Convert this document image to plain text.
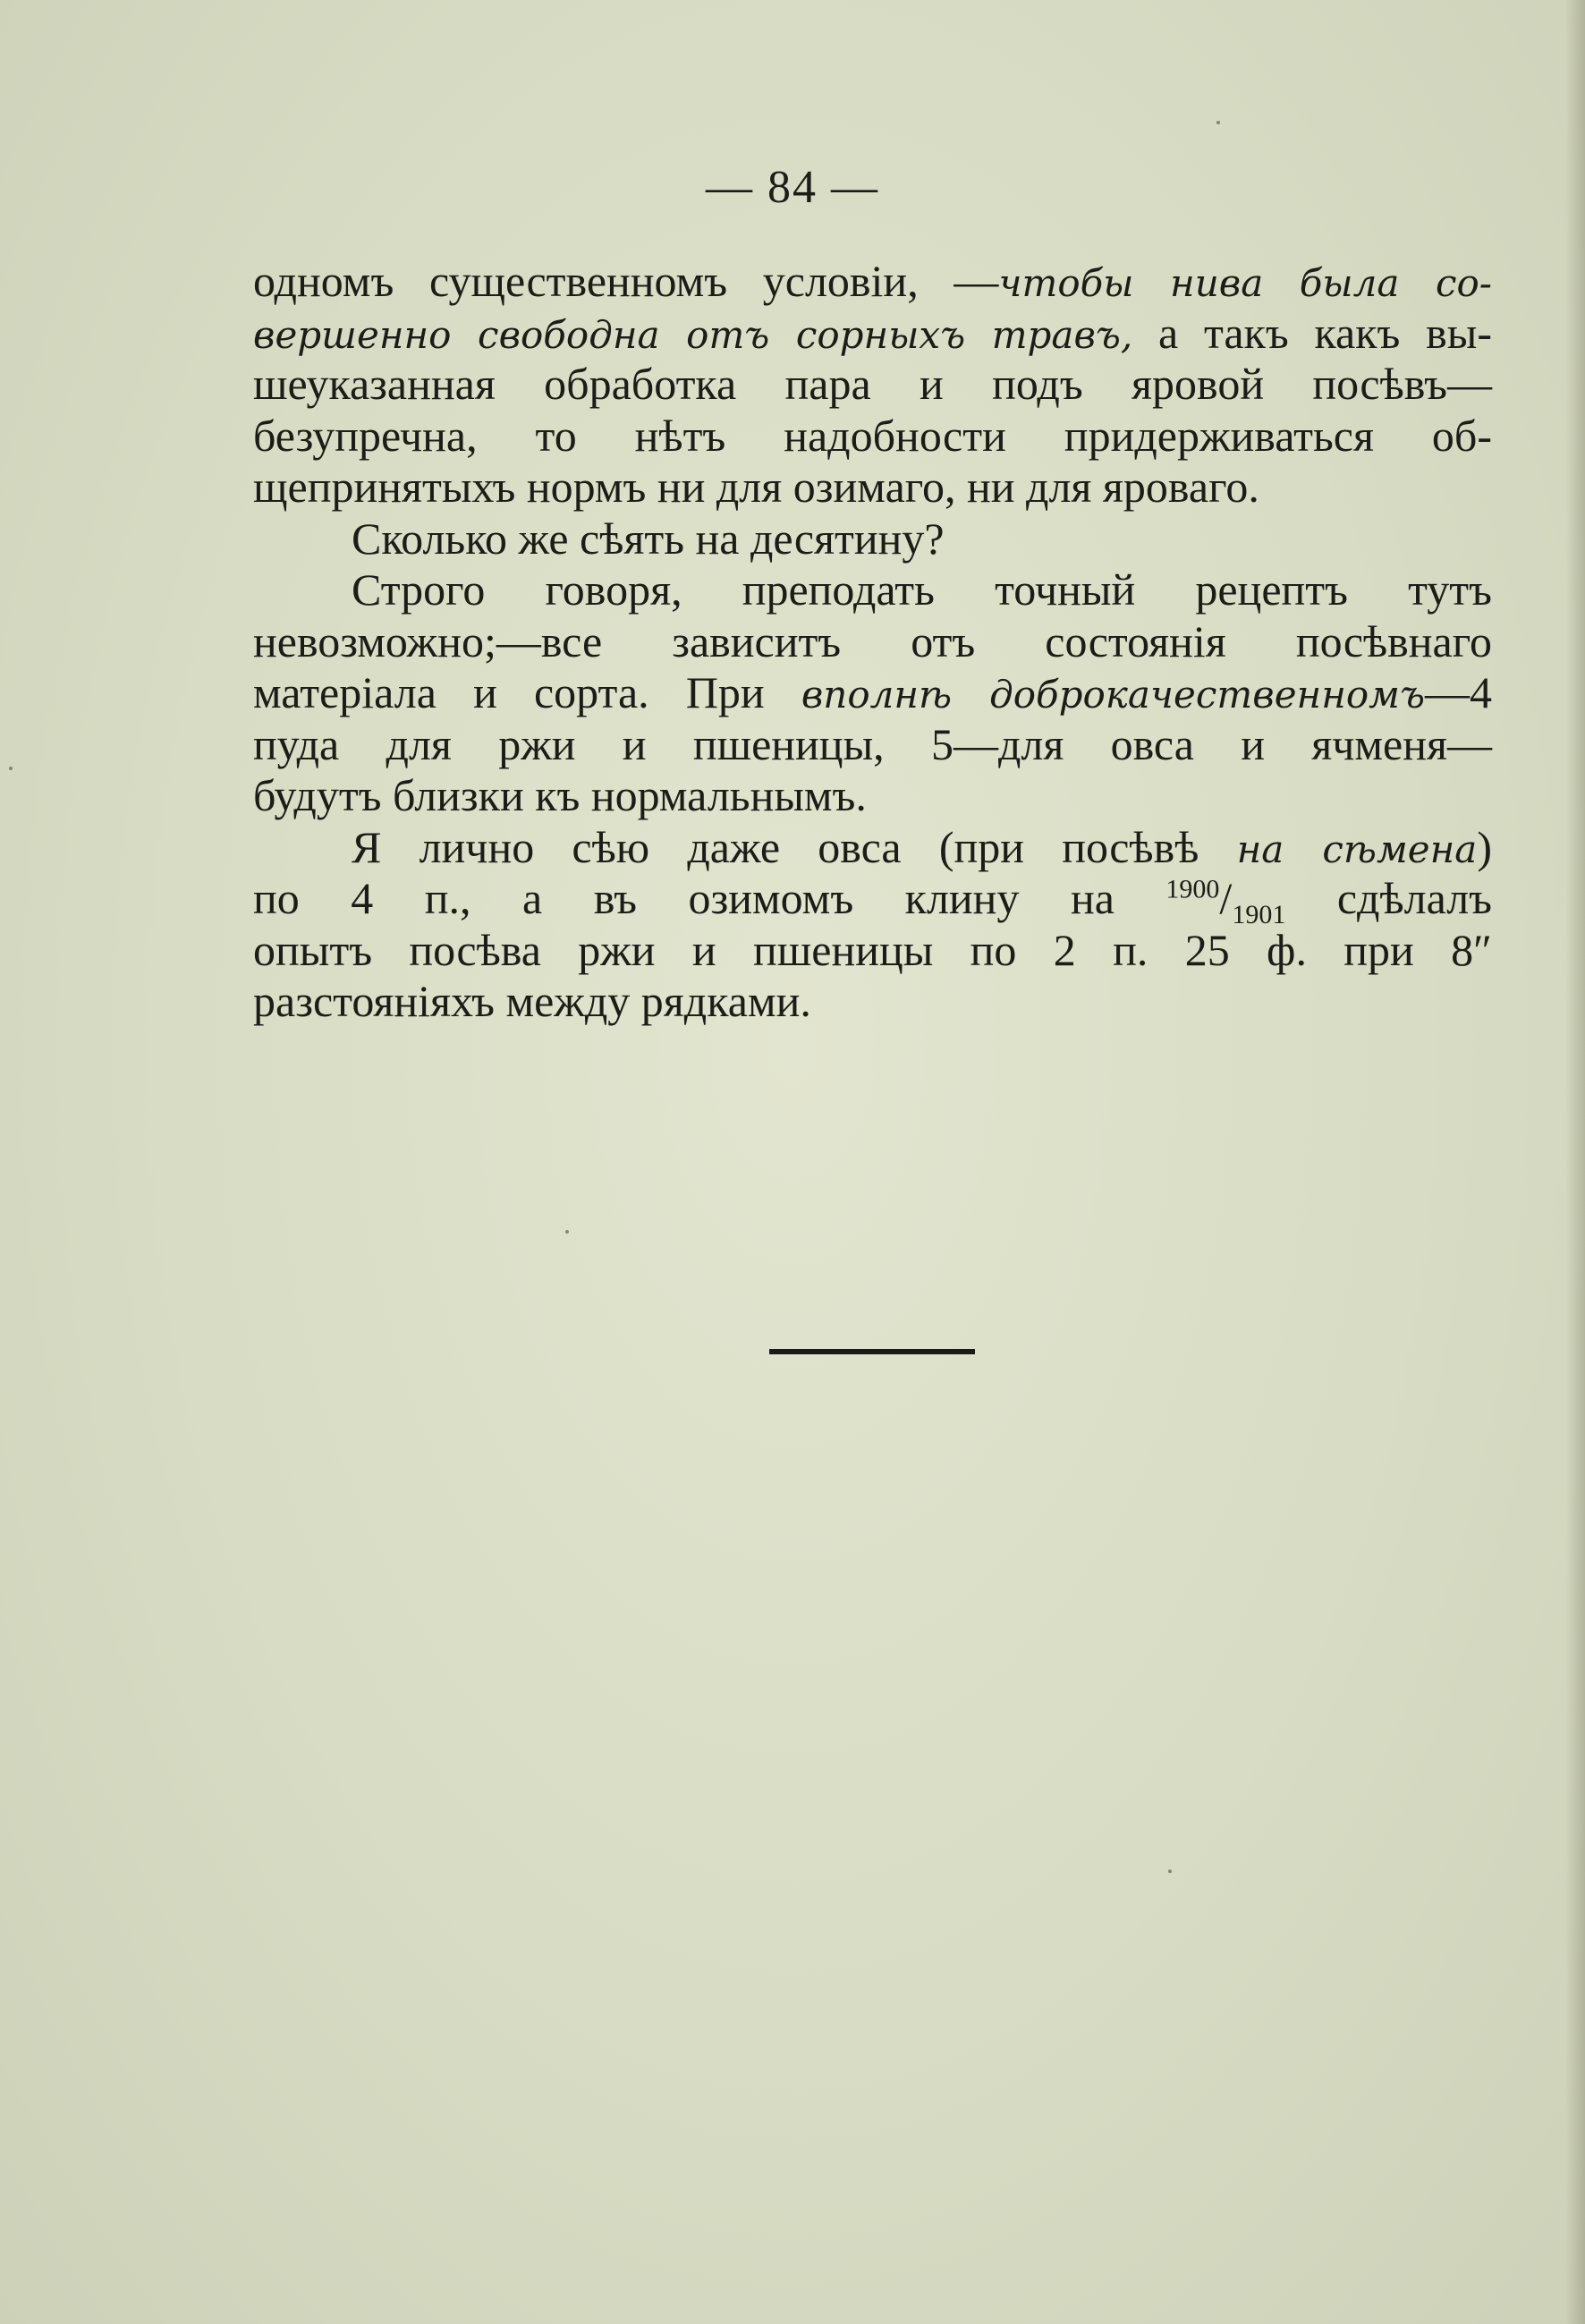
— 84 —
одномъ существенномъ условіи, —чтобы нива была со-
вершенно свободна отъ сорныхъ травъ, а такъ какъ вы-
шеуказанная обработка пара и подъ яровой посѣвъ—
безупречна, то нѣтъ надобности придерживаться об-
щепринятыхъ нормъ ни для озимаго, ни для яроваго.
Сколько же сѣять на десятину?
Строго говоря, преподать точный рецептъ тутъ
невозможно;—все зависитъ отъ состоянія посѣвнаго
матеріала и сорта. При вполнѣ доброкачественномъ—4
пуда для ржи и пшеницы, 5—для овса и ячменя—
будутъ близки къ нормальнымъ.
Я лично сѣю даже овса (при посѣвѣ на сѣмена)
по 4 п., а въ озимомъ клину на $^{1900}/_{1901}$ сдѣлалъ
опытъ посѣва ржи и пшеницы по 2 п. 25 ф. при 8″
разстояніяхъ между рядками.
